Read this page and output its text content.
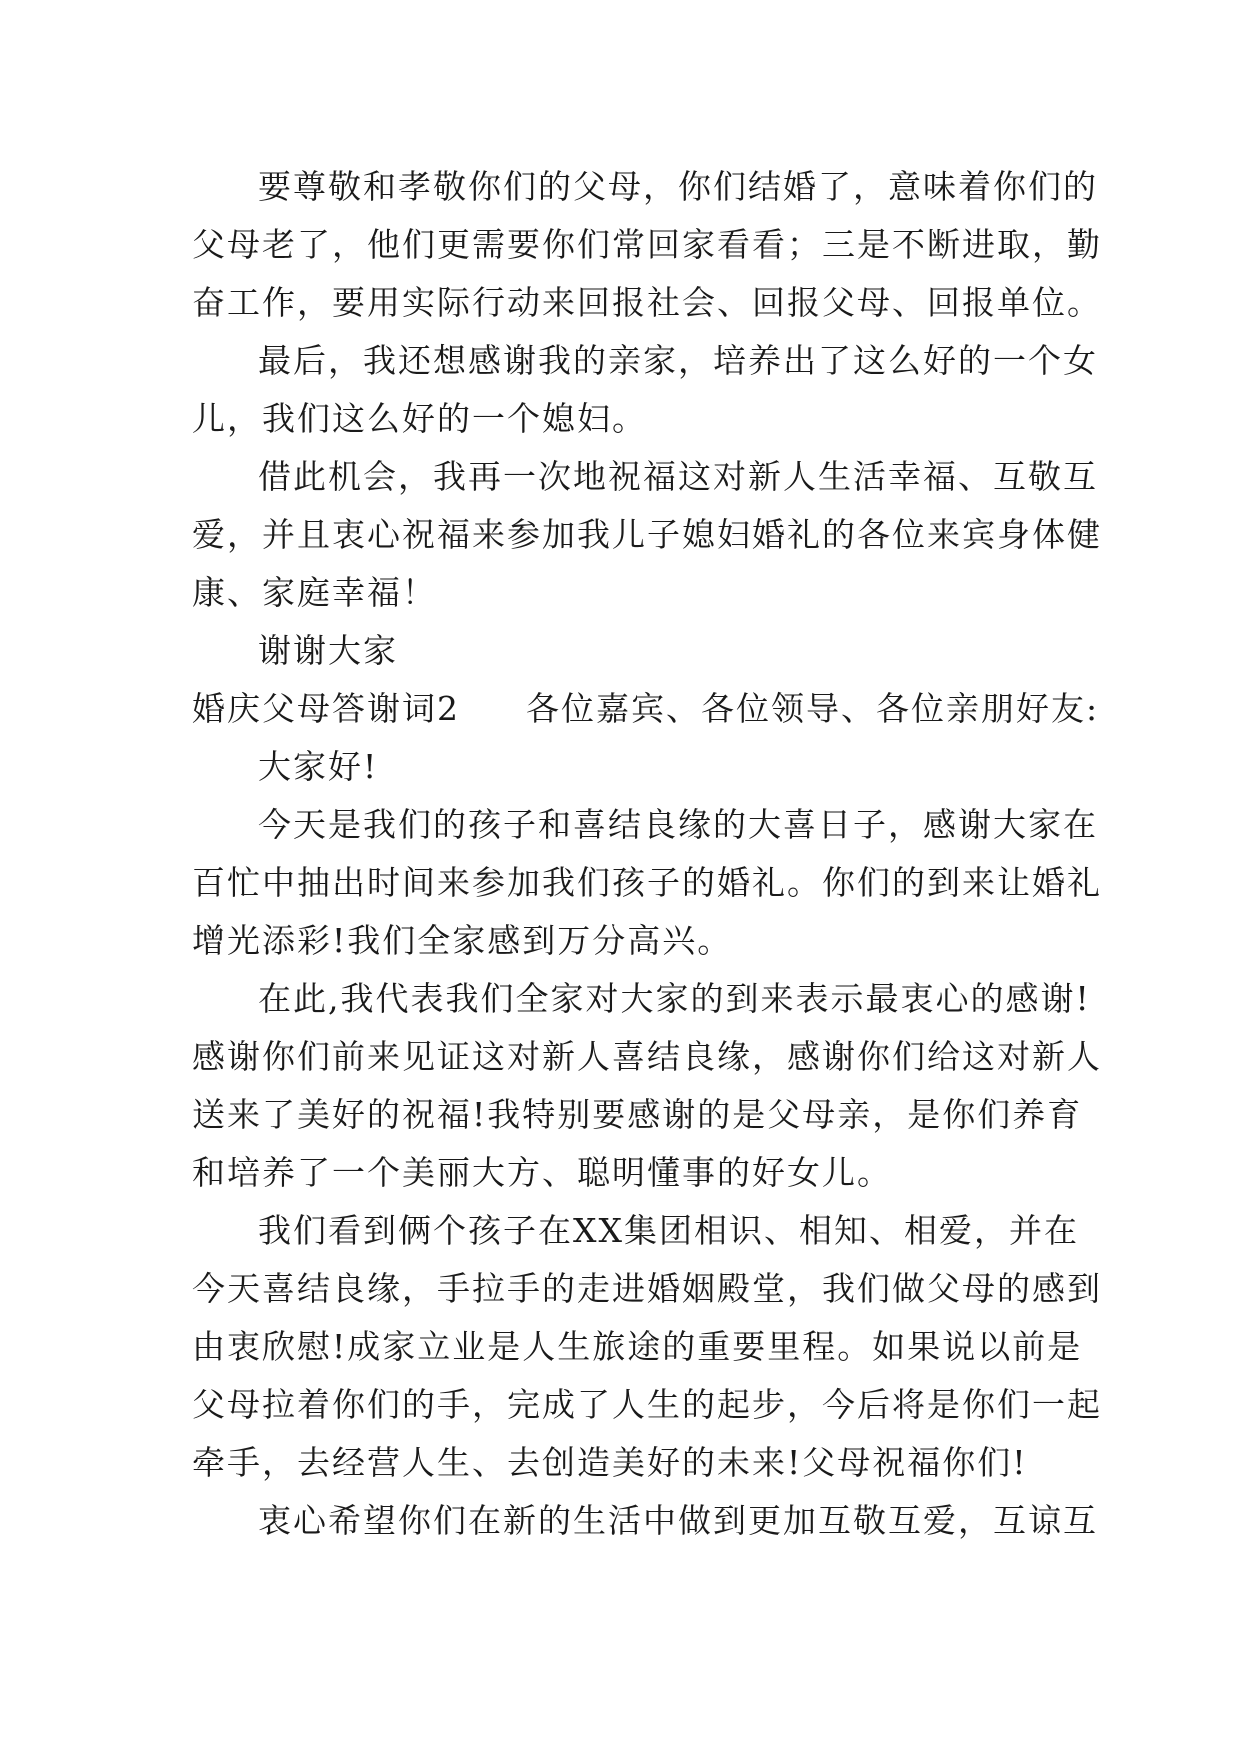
要尊敬和孝敬你们的父母，你们结婚了，意味着你们的
父母老了，他们更需要你们常回家看看；三是不断进取，勤
奋工作，要用实际行动来回报社会、回报父母、回报单位。
最后，我还想感谢我的亲家，培养出了这么好的一个女
儿，我们这么好的一个媳妇。
借此机会，我再一次地祝福这对新人生活幸福、互敬互
爱，并且衷心祝福来参加我儿子媳妇婚礼的各位来宾身体健
康、家庭幸福！
谢谢大家
婚庆父母答谢词2 各位嘉宾、各位领导、各位亲朋好友:
大家好!
今天是我们的孩子和喜结良缘的大喜日子，感谢大家在
百忙中抽出时间来参加我们孩子的婚礼。你们的到来让婚礼
增光添彩!我们全家感到万分高兴。
在此,我代表我们全家对大家的到来表示最衷心的感谢!
感谢你们前来见证这对新人喜结良缘，感谢你们给这对新人
送来了美好的祝福!我特别要感谢的是父母亲，是你们养育
和培养了一个美丽大方、聪明懂事的好女儿。
我们看到俩个孩子在XX集团相识、相知、相爱，并在
今天喜结良缘，手拉手的走进婚姻殿堂，我们做父母的感到
由衷欣慰!成家立业是人生旅途的重要里程。如果说以前是
父母拉着你们的手，完成了人生的起步，今后将是你们一起
牵手，去经营人生、去创造美好的未来!父母祝福你们!
衷心希望你们在新的生活中做到更加互敬互爱，互谅互
